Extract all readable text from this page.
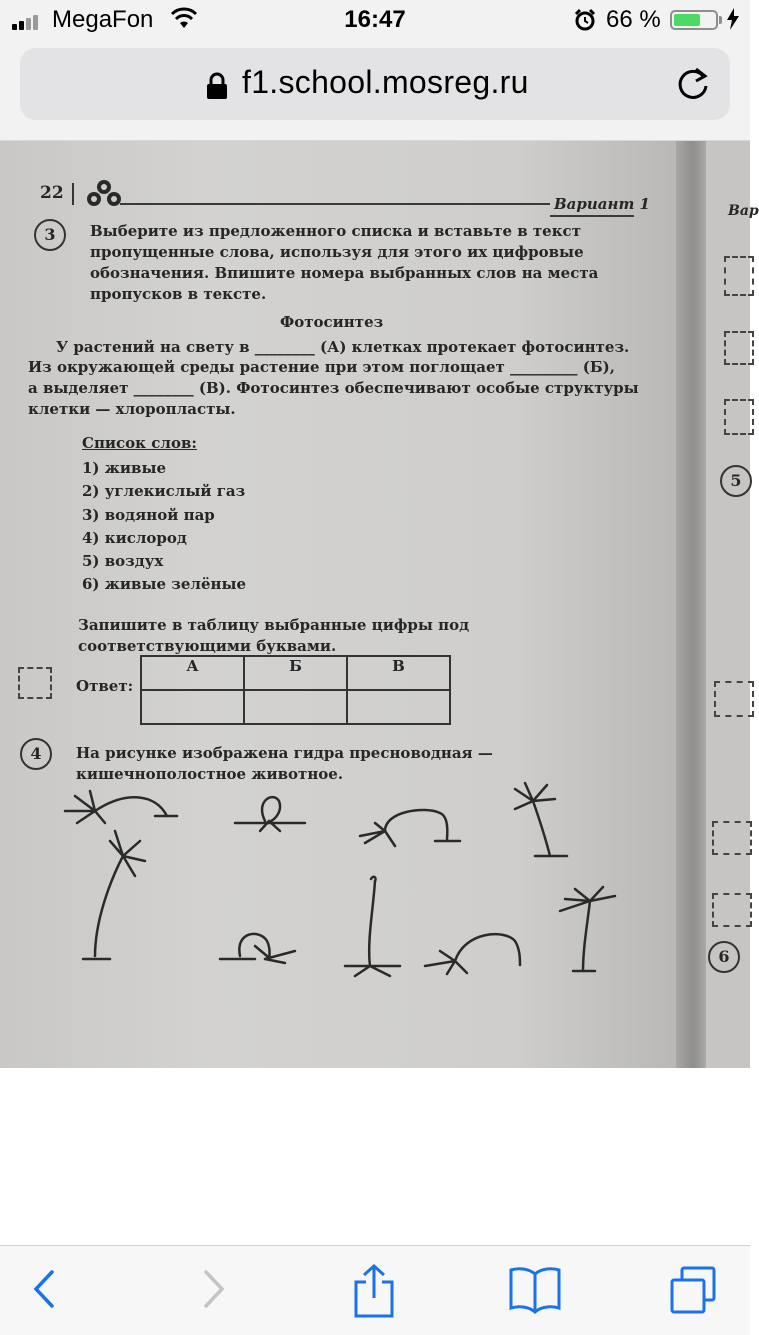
MegaFon	16:47	66 %
f1.school.mosreg.ru
22
Вариант 1
3	Выберите из предложенного списка и вставьте в текст пропущенные слова, используя для этого их цифровые обозначения. Впишите номера выбранных слов на места пропусков в тексте.
Фотосинтез
У растений на свету в ________ (А) клетках протекает фотосинтез.
Из окружающей среды растение при этом поглощает _________ (Б),
а выделяет ________ (В). Фотосинтез обеспечивают особые структуры
клетки — хлоропласты.
Список слов:
1) живые
2) углекислый газ
3) водяной пар
4) кислород
5) воздух
6) живые зелёные
Запишите в таблицу выбранные цифры под соответствующими буквами.
Ответ:
А	Б	В

4	На рисунке изображена гидра пресноводная — кишечнополостное животное.
Вар
5
6
